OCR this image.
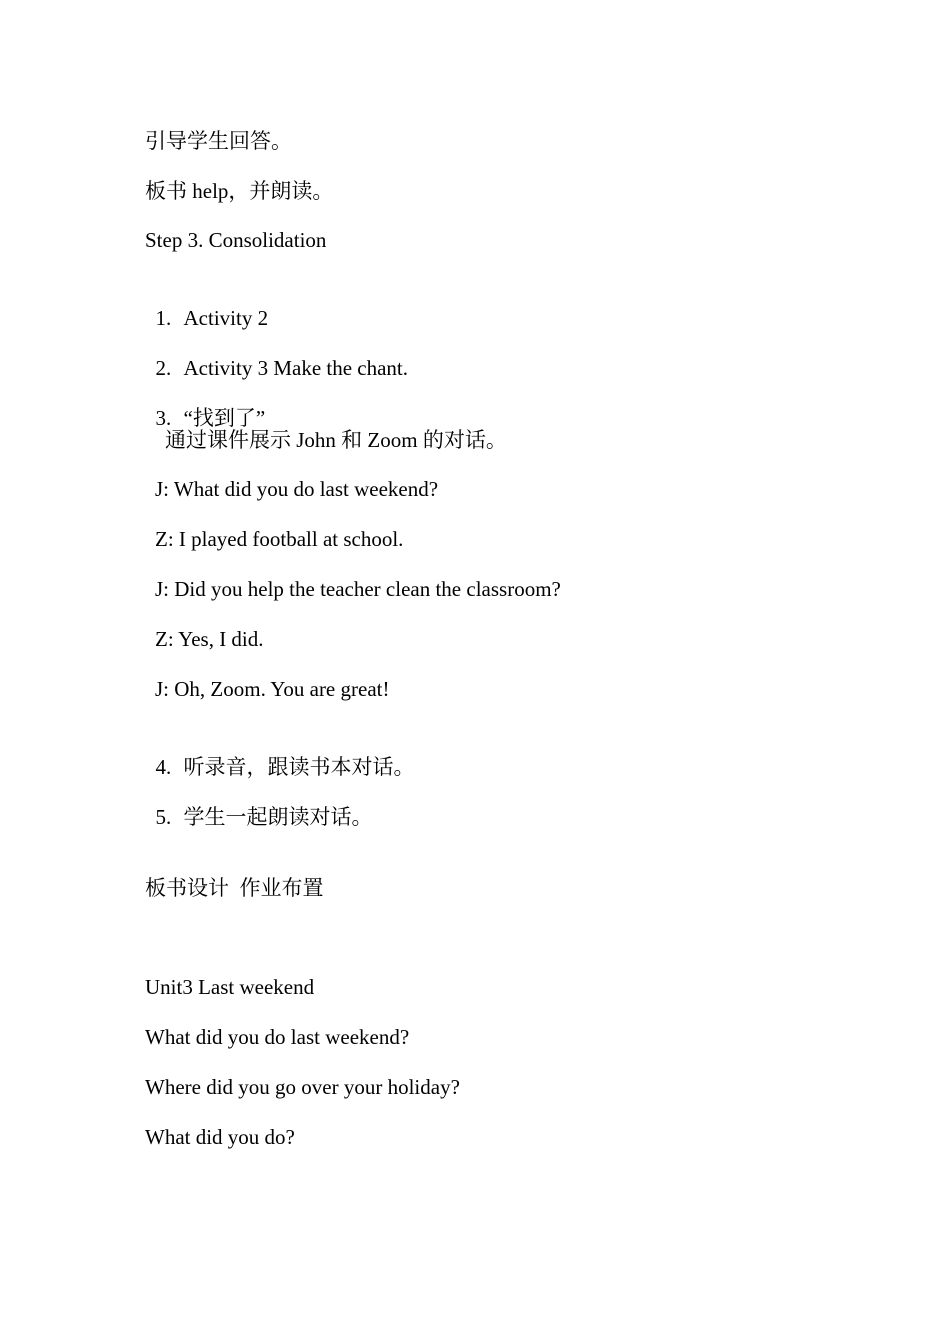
引导学生回答。
板书 help，并朗读。
Step 3. Consolidation

1. Activity 2

2. Activity 3 Make the chant.

3. “找到了”

通过课件展示 John 和 Zoom 的对话。
J: What did you do last weekend?
Z: I played football at school.
J: Did you help the teacher clean the classroom?
Z: Yes, I did.
J: Oh, Zoom. You are great!

4. 听录音，跟读书本对话。

5. 学生一起朗读对话。

板书设计  作业布置
Unit3 Last weekend
What did you do last weekend?
Where did you go over your holiday?
What did you do?
